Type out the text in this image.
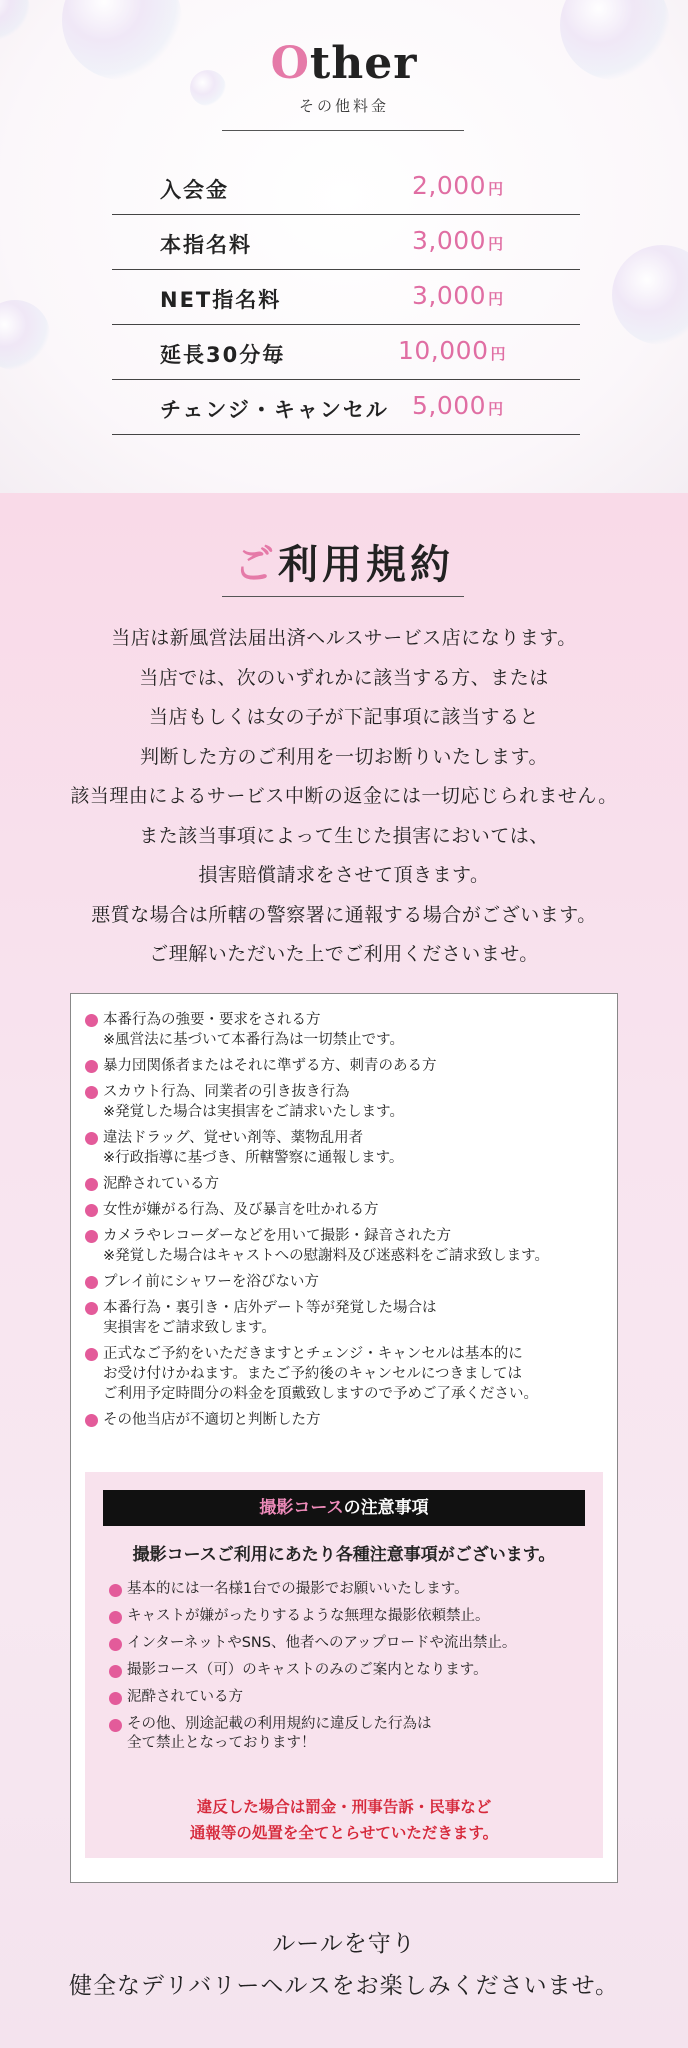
Other
その他料金
入会金	2,000 円
本指名料	3,000 円
NET指名料	3,000 円
延長30分毎	10,000 円
チェンジ・キャンセル 5,000 円
ご利用規約

当店は新風営法届出済ヘルスサービス店になります。

当店では、次のいずれかに該当する方、または

当店もしくは女の子が下記事項に該当すると

判断した方のご利用を一切お断りいたします。

該当理由によるサービス中断の返金には一切応じられません。

また該当事項によって生じた損害においては、

損害賠償請求をさせて頂きます。

悪質な場合は所轄の警察署に通報する場合がございます。

ご理解いただいた上でご利用くださいませ。

本番行為の強要・要求をされる方
※風営法に基づいて本番行為は一切禁止です。
暴力団関係者またはそれに準ずる方、刺青のある方
スカウト行為、同業者の引き抜き行為
※発覚した場合は実損害をご請求いたします。
違法ドラッグ、覚せい剤等、薬物乱用者
※行政指導に基づき、所轄警察に通報します。
泥酔されている方
女性が嫌がる行為、及び暴言を吐かれる方
カメラやレコーダーなどを用いて撮影・録音された方
※発覚した場合はキャストへの慰謝料及び迷惑料をご請求致します。
プレイ前にシャワーを浴びない方
本番行為・裏引き・店外デート等が発覚した場合は
実損害をご請求致します。
正式なご予約をいただきますとチェンジ・キャンセルは基本的に
お受け付けかねます。またご予約後のキャンセルにつきましては
ご利用予定時間分の料金を頂戴致しますので予めご了承ください。
その他当店が不適切と判断した方
撮影コースの注意事項
撮影コースご利用にあたり各種注意事項がございます。
基本的には一名様1台での撮影でお願いいたします。
キャストが嫌がったりするような無理な撮影依頼禁止。
インターネットやSNS、他者へのアップロードや流出禁止。
撮影コース（可）のキャストのみのご案内となります。
泥酔されている方
その他、別途記載の利用規約に違反した行為は
全て禁止となっております！
違反した場合は罰金・刑事告訴・民事など
通報等の処置を全てとらせていただきます。

ルールを守り

健全なデリバリーヘルスをお楽しみくださいませ。
